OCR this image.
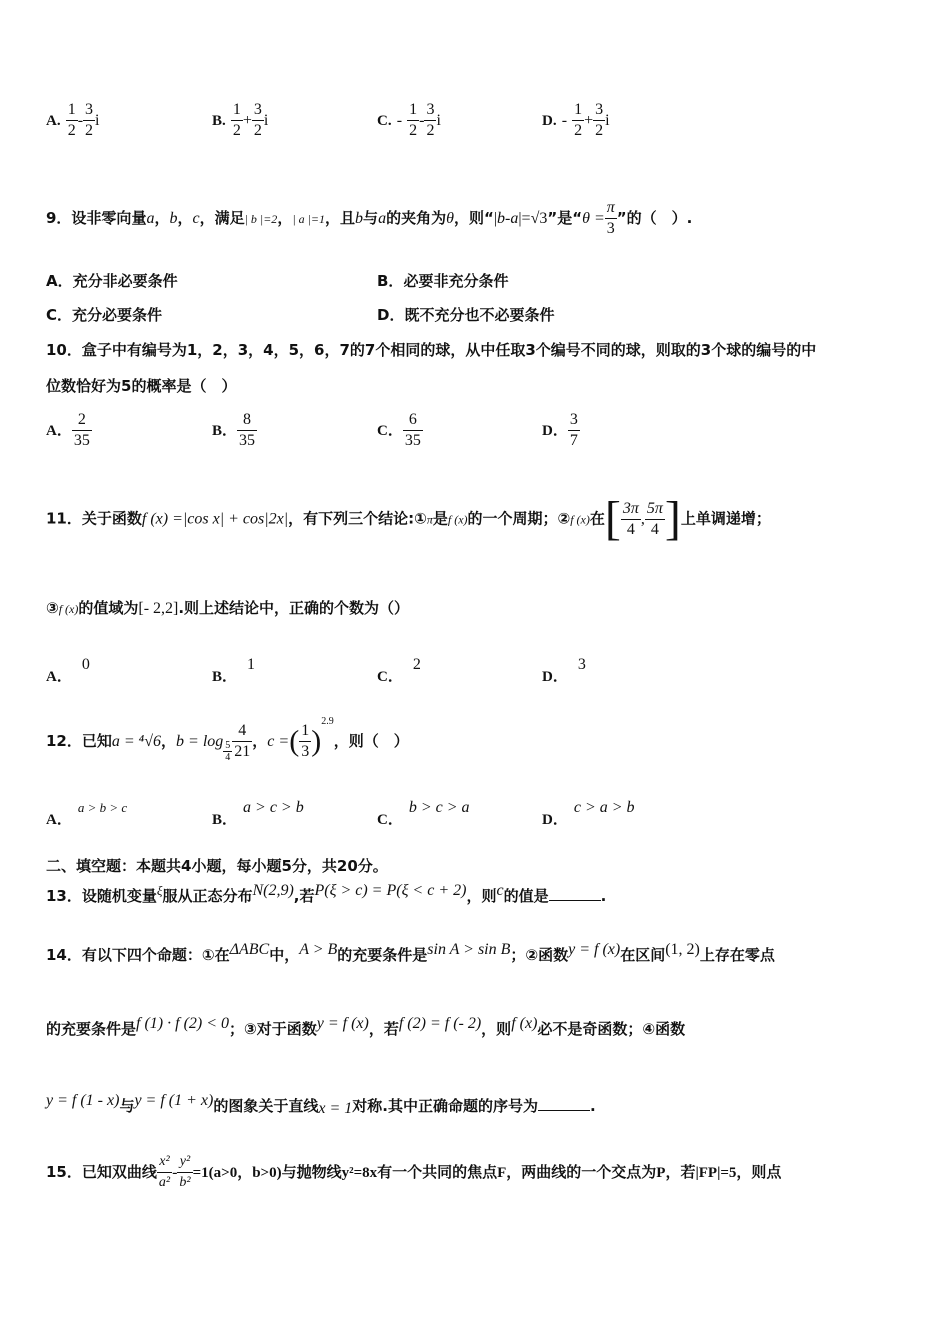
A. $\frac{1}{2} - \frac{3}{2}$ i	B. $\frac{1}{2} + \frac{3}{2}$ i	C. - $\frac{1}{2} - \frac{3}{2}$ i	D. - $\frac{1}{2} + \frac{3}{2}$ i
9．设非零向量a，b，c，满足| b |=2，| a |=1，且b与a的夹角为θ，则“|b-a|=√3”是“$\theta = \frac{\pi}{3}$ ”的（　）.
A．充分非必要条件	B．必要非充分条件
C．充分必要条件	D．既不充分也不必要条件
10．盒子中有编号为1，2，3，4，5，6，7的7个相同的球，从中任取3个编号不同的球，则取的3个球的编号的中
位数恰好为5的概率是（　）
A． $\frac{2}{35}$	B． $\frac{8}{35}$	C． $\frac{6}{35}$	D． $\frac{3}{7}$
11．关于函数f (x) =|cos x| + cos|2x|，有下列三个结论:①π是f (x)的一个周期；②f (x)在[ $\frac{3\pi}{4}$ , $\frac{5\pi}{4}$ ]上单调递增；
③f (x)的值域为[- 2,2].则上述结论中，正确的个数为（）
A．0
B．1
C．2
D．3
12．已知a = ⁴√6，$b = \log \frac{5}{4} \frac{4}{21}$ ，c =( $\frac{1}{3} )^{2.9}$，则（　）
A．a > b > c
B．a > c > b
C．b > c > a
D．c > a > b
二、填空题：本题共4小题，每小题5分，共20分。
13．设随机变量ξ服从正态分布N(2,9),若P(ξ > c) = P(ξ < c + 2)，则c的值是	.
14．有以下四个命题：①在ΔABC中，A > B的充要条件是sin A > sin B；②函数y = f (x)在区间(1, 2)上存在零点
的充要条件是f (1) · f (2) < 0；③对于函数y = f (x)，若f (2) = f (- 2)，则f (x)必不是奇函数；④函数
y = f (1 - x)与y = f (1 + x)的图象关于直线x = 1对称.其中正确命题的序号为	.
15．已知双曲线 $\frac{\text{x²}}{\text{a²}} - \frac{\text{y²}}{\text{b²}} =1(a>0$，b>0)与抛物线y²=8x有一个共同的焦点F，两曲线的一个交点为P，若|FP|=5，则点
